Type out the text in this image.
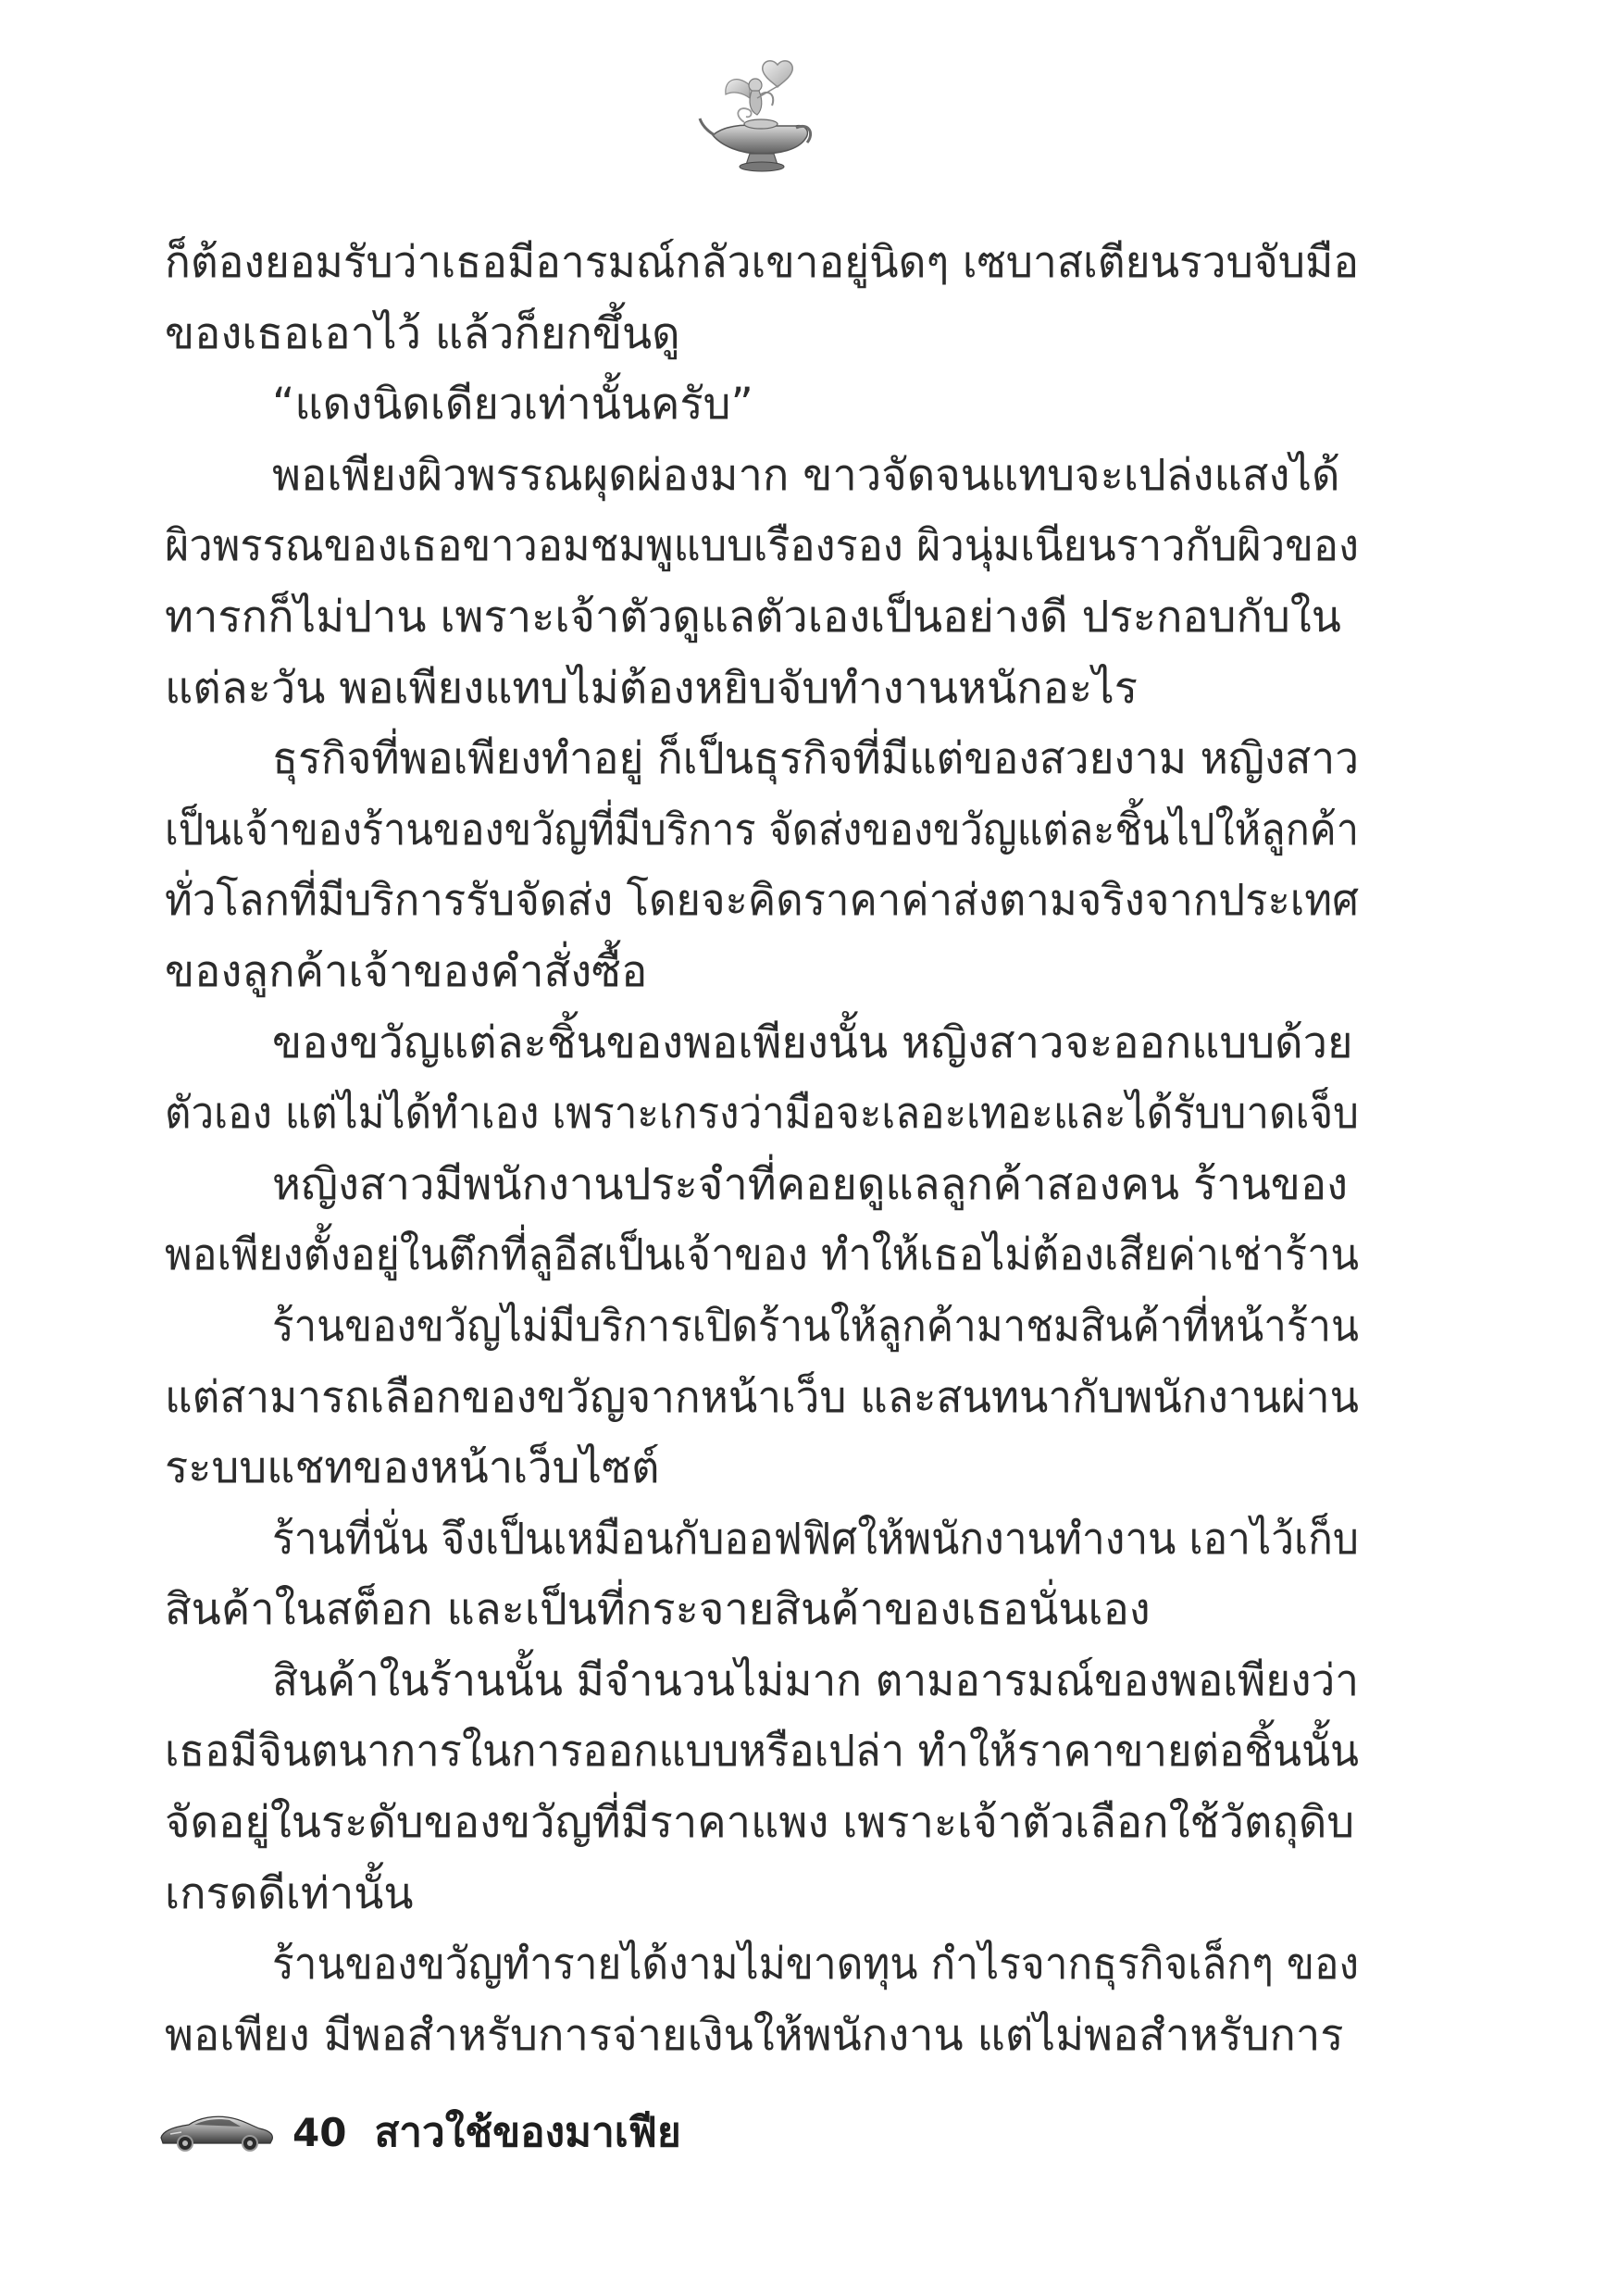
ก็ต้องยอมรับว่าเธอมีอารมณ์กลัวเขาอยู่นิดๆ เซบาสเตียนรวบจับมือ
ของเธอเอาไว้ แล้วก็ยกขึ้นดู
“แดงนิดเดียวเท่านั้นครับ”
พอเพียงผิวพรรณผุดผ่องมาก ขาวจัดจนแทบจะเปล่งแสงได้
ผิวพรรณของเธอขาวอมชมพูแบบเรืองรอง ผิวนุ่มเนียนราวกับผิวของ
ทารกก็ไม่ปาน เพราะเจ้าตัวดูแลตัวเองเป็นอย่างดี ประกอบกับใน
แต่ละวัน พอเพียงแทบไม่ต้องหยิบจับทำงานหนักอะไร
ธุรกิจที่พอเพียงทำอยู่ ก็เป็นธุรกิจที่มีแต่ของสวยงาม หญิงสาว
เป็นเจ้าของร้านของขวัญที่มีบริการ จัดส่งของขวัญแต่ละชิ้นไปให้ลูกค้า
ทั่วโลกที่มีบริการรับจัดส่ง โดยจะคิดราคาค่าส่งตามจริงจากประเทศ
ของลูกค้าเจ้าของคำสั่งซื้อ
ของขวัญแต่ละชิ้นของพอเพียงนั้น หญิงสาวจะออกแบบด้วย
ตัวเอง แต่ไม่ได้ทำเอง เพราะเกรงว่ามือจะเลอะเทอะและได้รับบาดเจ็บ
หญิงสาวมีพนักงานประจำที่คอยดูแลลูกค้าสองคน ร้านของ
พอเพียงตั้งอยู่ในตึกที่ลูอีสเป็นเจ้าของ ทำให้เธอไม่ต้องเสียค่าเช่าร้าน
ร้านของขวัญไม่มีบริการเปิดร้านให้ลูกค้ามาชมสินค้าที่หน้าร้าน
แต่สามารถเลือกของขวัญจากหน้าเว็บ และสนทนากับพนักงานผ่าน
ระบบแชทของหน้าเว็บไซต์
ร้านที่นั่น จึงเป็นเหมือนกับออฟฟิศให้พนักงานทำงาน เอาไว้เก็บ
สินค้าในสต็อก และเป็นที่กระจายสินค้าของเธอนั่นเอง
สินค้าในร้านนั้น มีจำนวนไม่มาก ตามอารมณ์ของพอเพียงว่า
เธอมีจินตนาการในการออกแบบหรือเปล่า ทำให้ราคาขายต่อชิ้นนั้น
จัดอยู่ในระดับของขวัญที่มีราคาแพง เพราะเจ้าตัวเลือกใช้วัตถุดิบ
เกรดดีเท่านั้น
ร้านของขวัญทำรายได้งามไม่ขาดทุน กำไรจากธุรกิจเล็กๆ ของ
พอเพียง มีพอสำหรับการจ่ายเงินให้พนักงาน แต่ไม่พอสำหรับการ
40 สาวใช้ของมาเฟีย
